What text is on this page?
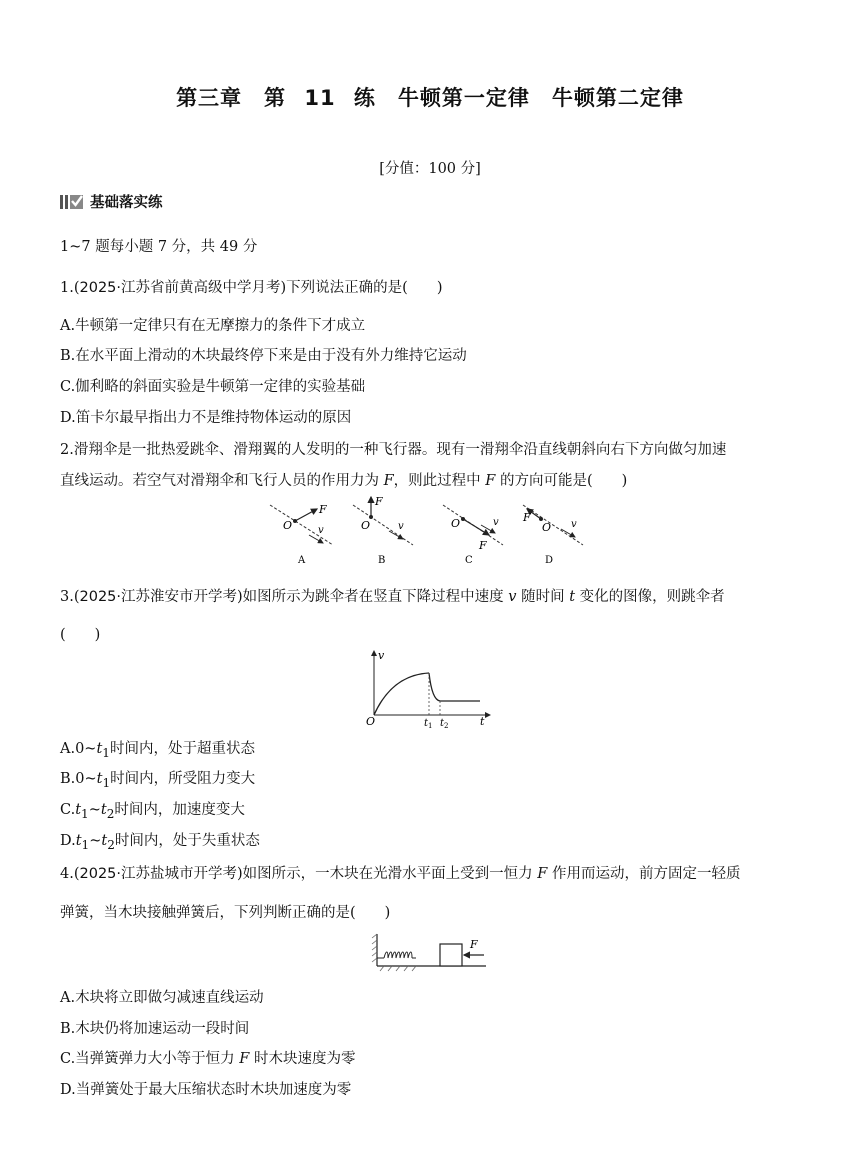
第三章　第 11 练　牛顿第一定律　牛顿第二定律
[分值：100 分]
基础落实练
1~7 题每小题 7 分，共 49 分
1.(2025·江苏省前黄高级中学月考)下列说法正确的是(　　)
A.牛顿第一定律只有在无摩擦力的条件下才成立
B.在水平面上滑动的木块最终停下来是由于没有外力维持它运动
C.伽利略的斜面实验是牛顿第一定律的实验基础
D.笛卡尔最早指出力不是维持物体运动的原因
2.滑翔伞是一批热爱跳伞、滑翔翼的人发明的一种飞行器。现有一滑翔伞沿直线朝斜向右下方向做匀加速
直线运动。若空气对滑翔伞和飞行人员的作用力为 F，则此过程中 F 的方向可能是(　　)
O
F
v
A
O
F
v
B
O
F
v
C
F
O v
D
3.(2025·江苏淮安市开学考)如图所示为跳伞者在竖直下降过程中速度 v 随时间 t 变化的图像，则跳伞者
(　　)
v
O	t
$t_1$ $t_2$
$A.0\sim t_1$时间内，处于超重状态
$B.0\sim t_1$时间内，所受阻力变大
$C.t_1\sim t_2$时间内，加速度变大
$D.t_1\sim t_2$时间内，处于失重状态
4.(2025·江苏盐城市开学考)如图所示，一木块在光滑水平面上受到一恒力 F 作用而运动，前方固定一轻质
弹簧，当木块接触弹簧后，下列判断正确的是(　　)
F
A.木块将立即做匀减速直线运动
B.木块仍将加速运动一段时间
C.当弹簧弹力大小等于恒力 F 时木块速度为零
D.当弹簧处于最大压缩状态时木块加速度为零
